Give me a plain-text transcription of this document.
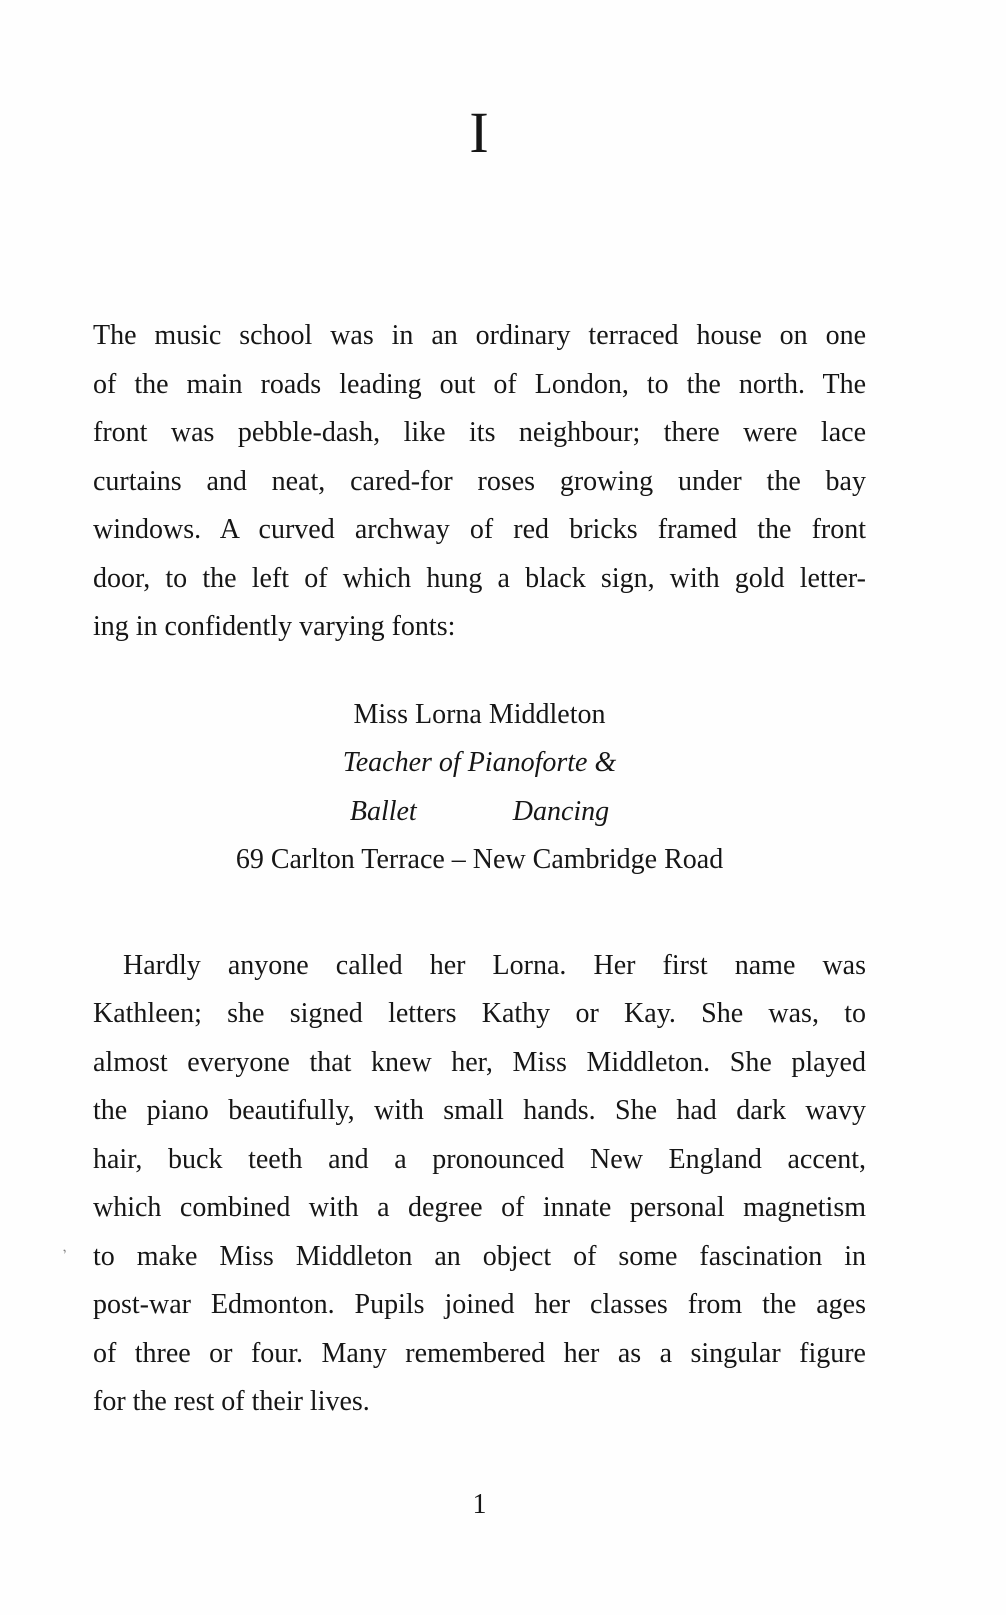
I
The music school was in an ordinary terraced house on one
of the main roads leading out of London, to the north. The
front was pebble-dash, like its neighbour; there were lace
curtains and neat, cared-for roses growing under the bay
windows. A curved archway of red bricks framed the front
door, to the left of which hung a black sign, with gold letter-
ing in confidently varying fonts:
Miss Lorna Middleton
Teacher of Pianoforte &
Ballet	Dancing
69 Carlton Terrace – New Cambridge Road
Hardly anyone called her Lorna. Her first name was
Kathleen; she signed letters Kathy or Kay. She was, to
almost everyone that knew her, Miss Middleton. She played
the piano beautifully, with small hands. She had dark wavy
hair, buck teeth and a pronounced New England accent,
which combined with a degree of innate personal magnetism
to make Miss Middleton an object of some fascination in
post-war Edmonton. Pupils joined her classes from the ages
of three or four. Many remembered her as a singular figure
for the rest of their lives.
1
‚
